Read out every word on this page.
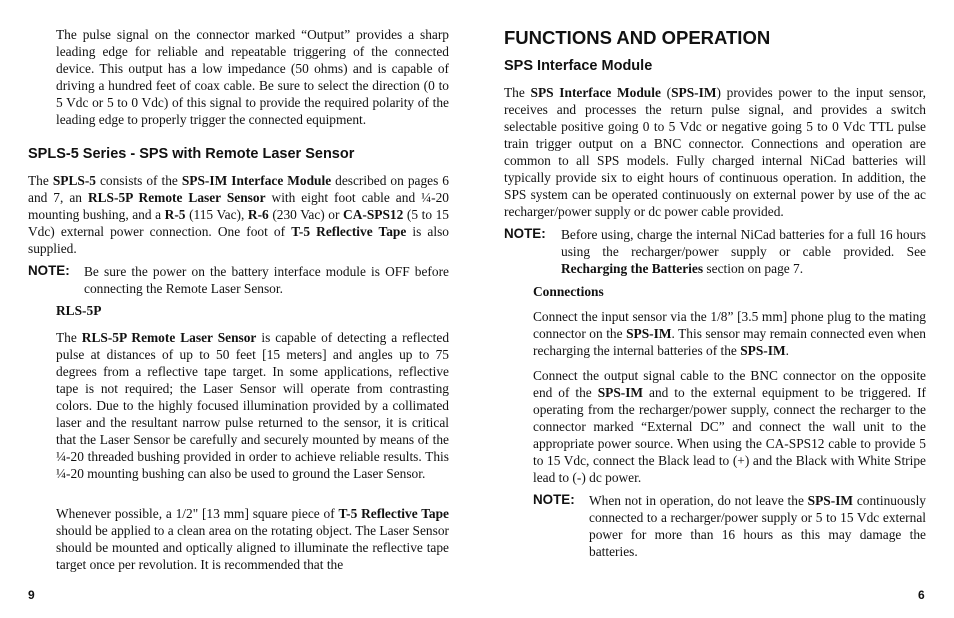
The pulse signal on the connector marked “Output” provides a sharp leading edge for reliable and repeatable triggering of the connected device. This output has a low impedance (50 ohms) and is capable of driving a hundred feet of coax cable. Be sure to select the direction (0 to 5 Vdc or 5 to 0 Vdc) of this signal to provide the required polarity of the leading edge to properly trigger the connected equipment.

SPLS-5 Series - SPS with Remote Laser Sensor

The SPLS-5 consists of the SPS-IM Interface Module described on pages 6 and 7, an RLS-5P Remote Laser Sensor with eight foot cable and ¼-20 mounting bushing, and a R-5 (115 Vac), R-6 (230 Vac) or CA-SPS12 (5 to 15 Vdc) external power connection. One foot of T-5 Reflective Tape is also supplied.

NOTE: Be sure the power on the battery interface module is OFF before connecting the Remote Laser Sensor.

RLS-5P

The RLS-5P Remote Laser Sensor is capable of detecting a reflected pulse at distances of up to 50 feet [15 meters] and angles up to 75 degrees from a reflective tape target. In some applications, reflective tape is not required; the Laser Sensor will operate from contrasting colors. Due to the highly focused illumination provided by a collimated laser and the resultant narrow pulse returned to the sensor, it is critical that the Laser Sensor be carefully and securely mounted by means of the ¼-20 threaded bushing provided in order to achieve reliable results. This ¼-20 mounting bushing can also be used to ground the Laser Sensor.

Whenever possible, a 1/2" [13 mm] square piece of T-5 Reflective Tape should be applied to a clean area on the rotating object. The Laser Sensor should be mounted and optically aligned to illuminate the reflective tape target once per revolution. It is recommended that the

9
FUNCTIONS AND OPERATION
SPS Interface Module

The SPS Interface Module (SPS-IM) provides power to the input sensor, receives and processes the return pulse signal, and provides a switch selectable positive going 0 to 5 Vdc or negative going 5 to 0 Vdc TTL pulse train trigger output on a BNC connector. Connections and operation are common to all SPS models. Fully charged internal NiCad batteries will typically provide six to eight hours of continuous operation. In addition, the SPS system can be operated continuously on external power by use of the ac recharger/power supply or dc power cable provided.

NOTE: Before using, charge the internal NiCad batteries for a full 16 hours using the recharger/power supply or cable provided. See Recharging the Batteries section on page 7.

Connections

Connect the input sensor via the 1/8” [3.5 mm] phone plug to the mating connector on the SPS-IM. This sensor may remain connected even when recharging the internal batteries of the SPS-IM.

Connect the output signal cable to the BNC connector on the opposite end of the SPS-IM and to the external equipment to be triggered. If operating from the recharger/power supply, connect the recharger to the connector marked “External DC” and connect the wall unit to the appropriate power source. When using the CA-SPS12 cable to provide 5 to 15 Vdc, connect the Black lead to (+) and the Black with White Stripe lead to (-) dc power.

NOTE: When not in operation, do not leave the SPS-IM continuously connected to a recharger/power supply or 5 to 15 Vdc external power for more than 16 hours as this may damage the batteries.

6
